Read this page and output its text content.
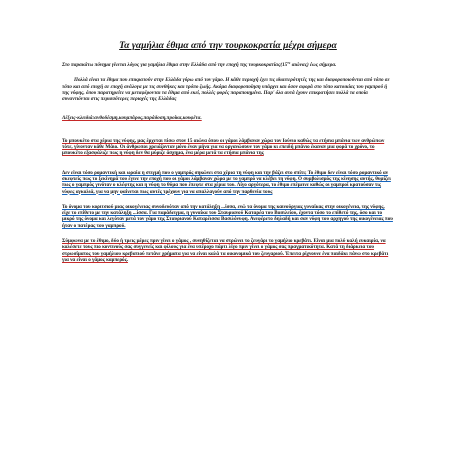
Τα γαμήλια έθιμα από την τουρκοκρατία μέχρι σήμερα

Στο παρακάτω πόνημα γίνεται λόγος για γαμήλια έθιμα στην Ελλάδα από την εποχή της $\tau o\upsilon\rho\kappa o\kappa\rho\alpha\tau ί\alpha\varsigma(15^{o\varsigma}$ αιώνας) έως σήμερα.

Πολλά είναι τα έθιμα που επικρατούν στην Ελλάδα γύρω από τον γάμο. Η κάθε περιοχή έχει τις ιδιαιτερότητές της και διαφοροποιούνται από τόπο σε τόπο και από εποχή σε εποχή ανάλογα με τις συνθήκες και τρόπο ζωής. Ακόμα διαφοροποίηση υπάρχει και όσον αφορά στο τόπο κατοικίας του γαμπρού ή της νύφης, όπου παρατηρείτε να μεταφέρονται τα έθιμα από εκεί, πολλές φορές παραποιημένα. Παρ' όλα αυτά έχουν επικρατήσει πολλά τα οποία συναντιόνται στις περισσότερες περιοχές της Ελλάδας

Λέξεις-κλειδιά:ανθοδέσμη,κουμπάρος,παράδοση,προίκα,κουφέτα.

Το μπουκέτο στα χέρια της νύφης, μας έρχεται πίσω στον 15 αιώνα όπου οι γάμοι λάμβαναν χώρα τον Ιούνιο καθώς τα ετήσια μπάνια των ανθρώπων τότε, γίνονταν κάθε Μάιο. Οι άνθρωποι χρειάζονταν μόνο έναν μήνα για να οργανώσουν τον γάμο κι επειδή μπάνιο έκαναν μια φορά το χρόνο, το μπουκέτο εξασφάλιζε πως η νύφη δεν θα μύριζε άσχημα, ένα μέρα μετά τα ετήσια μπάνια της

Δεν είναι τόσο ρομαντική και ωραία η στιγμή που ο γαμπρός σηκώνει στα χέρια τη νύφη και την βάζει στο σπίτι; Το έθιμο δεν είναι τόσο ρομαντικό αν σκεφτείς πως το ξεκίνημά του έγινε την εποχή που οι γάμοι λάμβαναν χώρα με το γαμπρό να κλέβει τη νύφη. Ο συμβολισμός της κίνησης αυτής, θυμίζει πως ο γαμπρός γινόταν ο κλέφτης και η νύφη το θύμα που έπεφτε στα χέρια του. Λίγο αργότερα, το έθιμο επέμεινε καθώς οι γαμπροί κρατούσαν τις νύφες αγκαλιά, για να μην φαίνεται πως αυτές τρέχουν για να απαλλαγούν από την παρθενία τους

Το όνομα του κοριτσιού μιας οικογένειας συνοδευόταν από την κατάληξη ...ίσσα, ενώ τα όνομα της καινούργιας γυναίκας στην οικογένεια, της νύφης, είχε το επίθετο με την κατάληξη ...ίσσα. Για παράδειγμα, η γυναίκα του Σταυριανού Καταρέα του Βασιλείου, έχοντα τόσο το επίθετό της, όσο και το μικρό της όνομα και λεγόταν μετά τον γάμο της Σταυριανού Καταρέισσα Βασιλόνυφη. Ανεφέρετο δηλαδή και σαν νύφη του αρχηγού της οικογένειας που ήταν ο πατέρας του γαμπρού.

Σύμφωνα με το έθιμο, δύο ή τρεις μέρες πριν γίνει ο γάμος , συνηθίζεται να στρώνει το ζευγάρι το γαμήλιο κρεβάτι. Είναι μια πολύ καλή ευκαιρία, να καλέσετε τους πιο κοντινούς σας συγγενείς και φίλους για ένα υπέροχο πάρτι λίγο πριν γίνει ο γάμος σας πραγματικότητα. Κατά τη διάρκεια του στρωσίματος του γαμήλιου κρεβατιού πετάνε χρήματα για να είναι καλά τα οικονομικά του ζευγαριού. Έπειτα ρίχνουνε ένα παιδάκι πάνω στο κρεβάτι για να είναι ο γάμος καρπερός.
